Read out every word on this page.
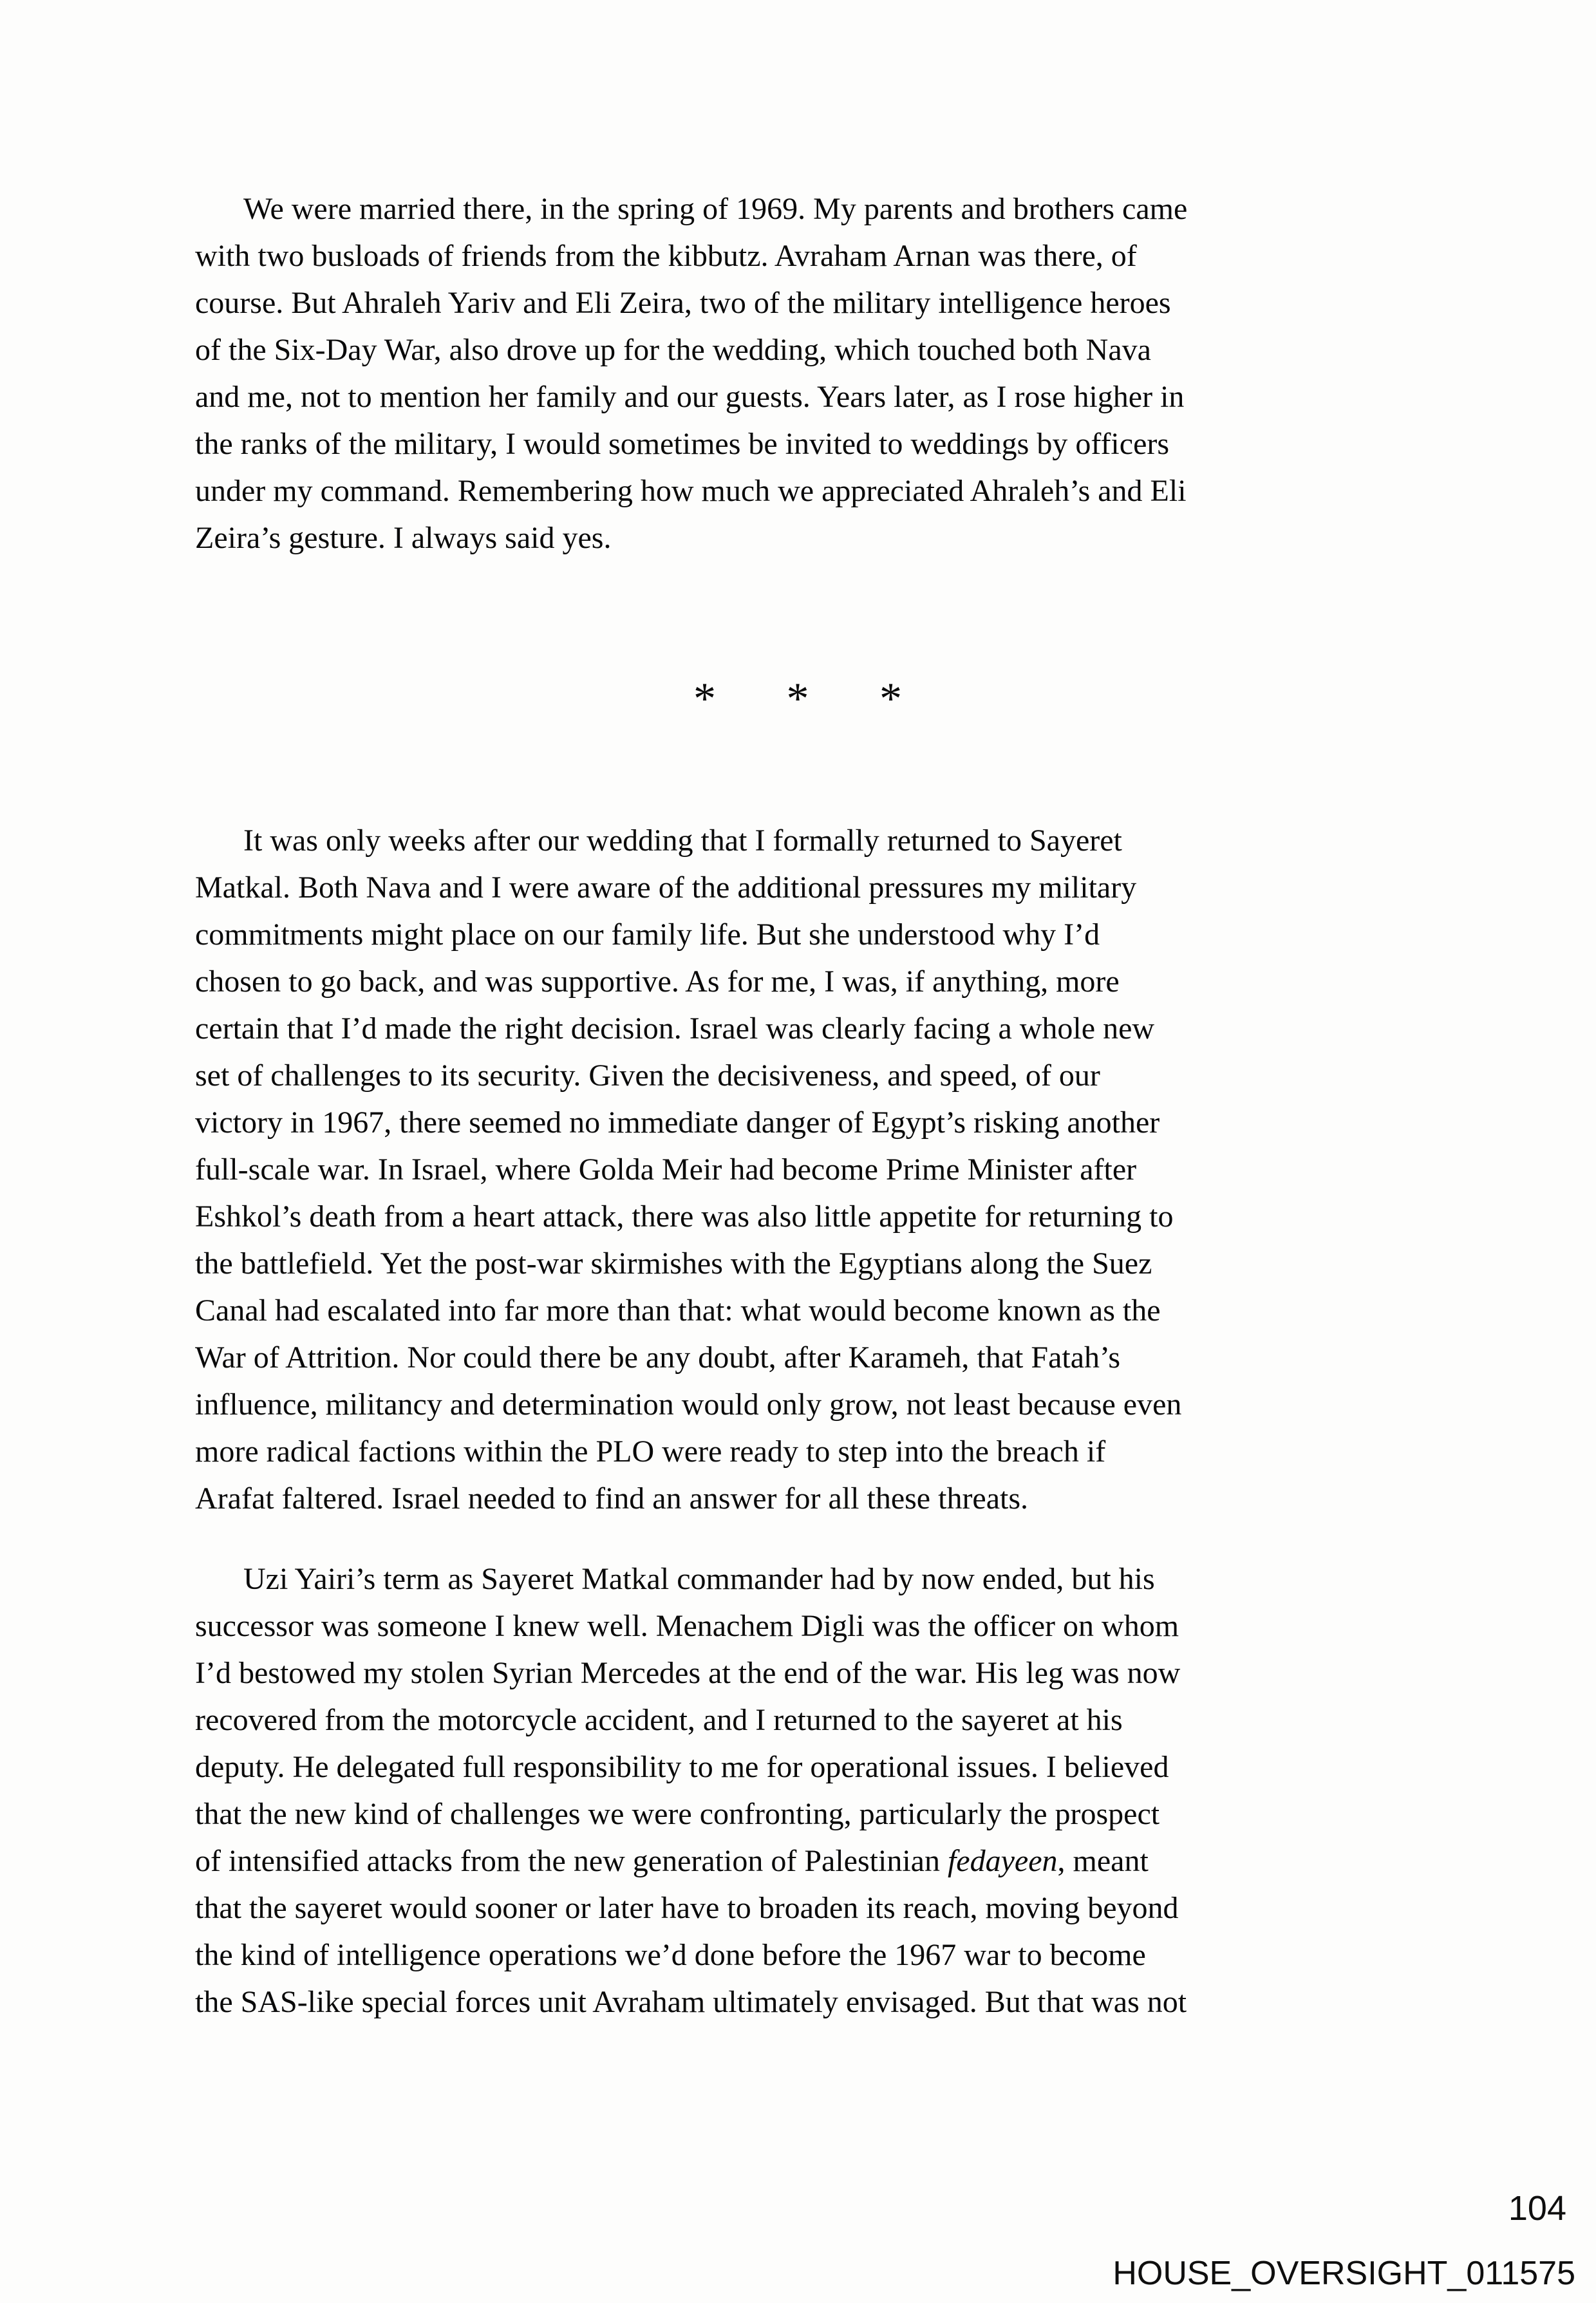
We were married there, in the spring of 1969. My parents and brothers came
with two busloads of friends from the kibbutz. Avraham Arnan was there, of
course. But Ahraleh Yariv and Eli Zeira, two of the military intelligence heroes
of the Six-Day War, also drove up for the wedding, which touched both Nava
and me, not to mention her family and our guests. Years later, as I rose higher in
the ranks of the military, I would sometimes be invited to weddings by officers
under my command. Remembering how much we appreciated Ahraleh’s and Eli
Zeira’s gesture. I always said yes.
* * *
It was only weeks after our wedding that I formally returned to Sayeret
Matkal. Both Nava and I were aware of the additional pressures my military
commitments might place on our family life. But she understood why I’d
chosen to go back, and was supportive. As for me, I was, if anything, more
certain that I’d made the right decision. Israel was clearly facing a whole new
set of challenges to its security. Given the decisiveness, and speed, of our
victory in 1967, there seemed no immediate danger of Egypt’s risking another
full-scale war. In Israel, where Golda Meir had become Prime Minister after
Eshkol’s death from a heart attack, there was also little appetite for returning to
the battlefield. Yet the post-war skirmishes with the Egyptians along the Suez
Canal had escalated into far more than that: what would become known as the
War of Attrition. Nor could there be any doubt, after Karameh, that Fatah’s
influence, militancy and determination would only grow, not least because even
more radical factions within the PLO were ready to step into the breach if
Arafat faltered. Israel needed to find an answer for all these threats.
Uzi Yairi’s term as Sayeret Matkal commander had by now ended, but his
successor was someone I knew well. Menachem Digli was the officer on whom
I’d bestowed my stolen Syrian Mercedes at the end of the war. His leg was now
recovered from the motorcycle accident, and I returned to the sayeret at his
deputy. He delegated full responsibility to me for operational issues. I believed
that the new kind of challenges we were confronting, particularly the prospect
of intensified attacks from the new generation of Palestinian fedayeen, meant
that the sayeret would sooner or later have to broaden its reach, moving beyond
the kind of intelligence operations we’d done before the 1967 war to become
the SAS-like special forces unit Avraham ultimately envisaged. But that was not
104
HOUSE_OVERSIGHT_011575
